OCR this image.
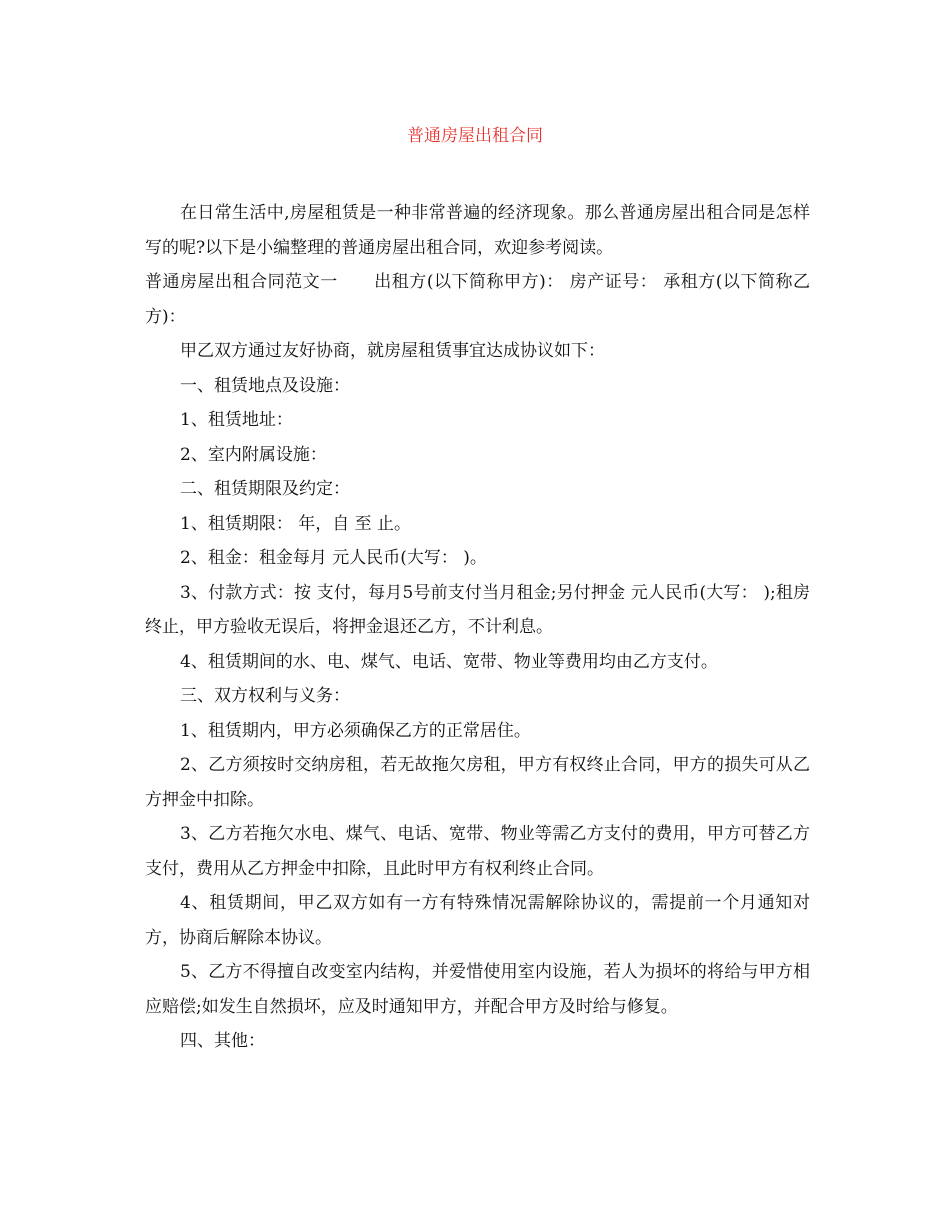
普通房屋出租合同

在日常生活中,房屋租赁是一种非常普遍的经济现象。那么普通房屋出租合同是怎样写的呢?以下是小编整理的普通房屋出租合同，欢迎参考阅读。

普通房屋出租合同范文一 出租方(以下简称甲方)： 房产证号： 承租方(以下简称乙方)：

甲乙双方通过友好协商，就房屋租赁事宜达成协议如下：

一、租赁地点及设施：

1、租赁地址：

2、室内附属设施：

二、租赁期限及约定：

1、租赁期限： 年，自 至 止。

2、租金：租金每月 元人民币(大写： )。

3、付款方式：按 支付，每月5号前支付当月租金;另付押金 元人民币(大写： );租房终止，甲方验收无误后，将押金退还乙方，不计利息。

4、租赁期间的水、电、煤气、电话、宽带、物业等费用均由乙方支付。

三、双方权利与义务：

1、租赁期内，甲方必须确保乙方的正常居住。

2、乙方须按时交纳房租，若无故拖欠房租，甲方有权终止合同，甲方的损失可从乙方押金中扣除。

3、乙方若拖欠水电、煤气、电话、宽带、物业等需乙方支付的费用，甲方可替乙方支付，费用从乙方押金中扣除，且此时甲方有权利终止合同。

4、租赁期间，甲乙双方如有一方有特殊情况需解除协议的，需提前一个月通知对方，协商后解除本协议。

5、乙方不得擅自改变室内结构，并爱惜使用室内设施，若人为损坏的将给与甲方相应赔偿;如发生自然损坏，应及时通知甲方，并配合甲方及时给与修复。

四、其他：
